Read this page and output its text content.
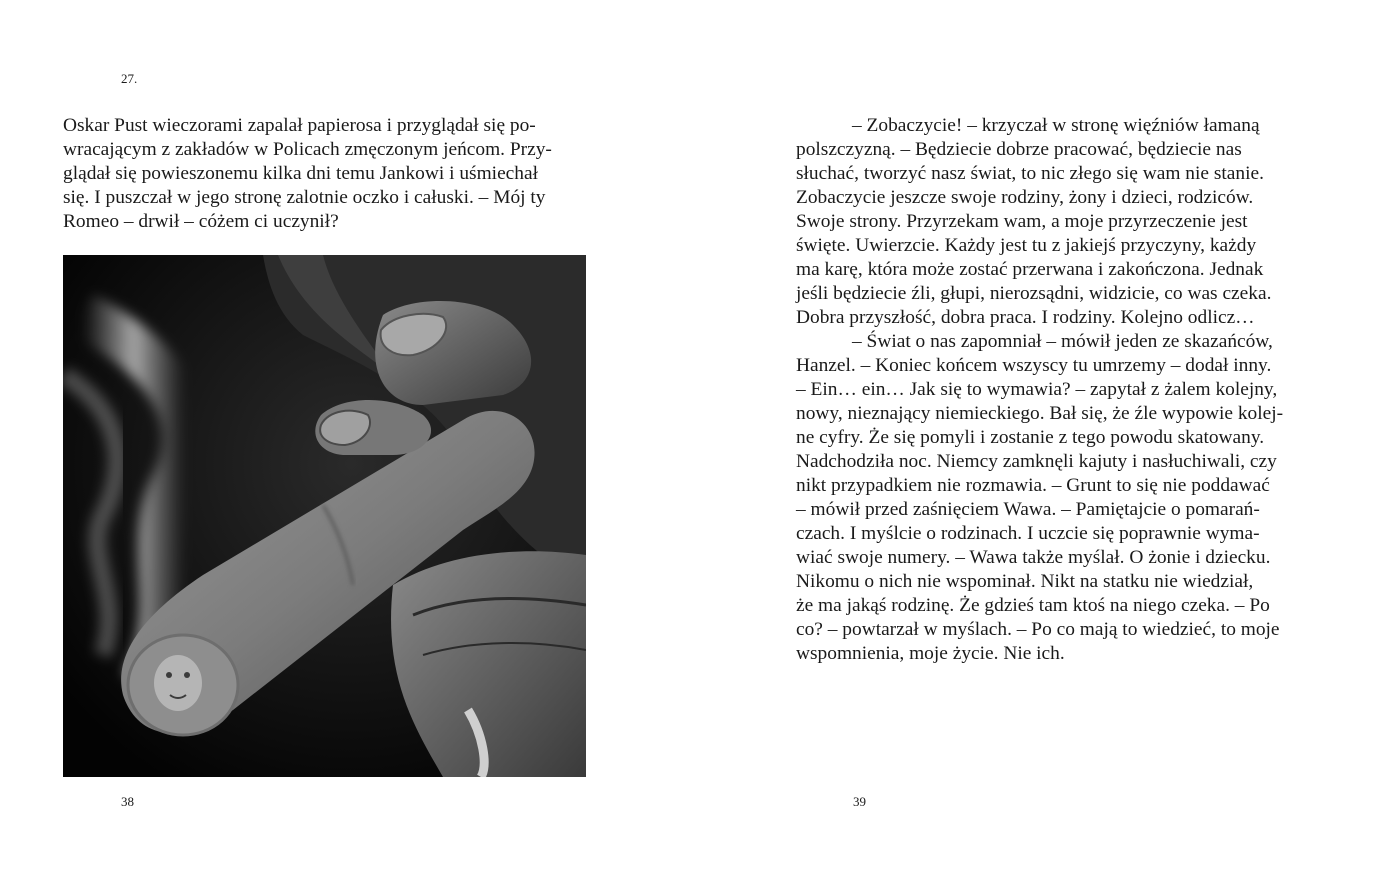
27.

Oskar Pust wieczorami zapalał papierosa i przyglądał się po-
wracającym z zakładów w Policach zmęczonym jeńcom. Przy-
glądał się powieszonemu kilka dni temu Jankowi i uśmiechał
się. I puszczał w jego stronę zalotnie oczko i całuski. – Mój ty
Romeo – drwił – cóżem ci uczynił?

38

– Zobaczycie! – krzyczał w stronę więźniów łamaną
polszczyzną. – Będziecie dobrze pracować, będziecie nas
słuchać, tworzyć nasz świat, to nic złego się wam nie stanie.
Zobaczycie jeszcze swoje rodziny, żony i dzieci, rodziców.
Swoje strony. Przyrzekam wam, a moje przyrzeczenie jest
święte. Uwierzcie. Każdy jest tu z jakiejś przyczyny, każdy
ma karę, która może zostać przerwana i zakończona. Jednak
jeśli będziecie źli, głupi, nierozsądni, widzicie, co was czeka.
Dobra przyszłość, dobra praca. I rodziny. Kolejno odlicz…

– Świat o nas zapomniał – mówił jeden ze skazańców,
Hanzel. – Koniec końcem wszyscy tu umrzemy – dodał inny.
– Ein… ein… Jak się to wymawia? – zapytał z żalem kolejny,
nowy, nieznający niemieckiego. Bał się, że źle wypowie kolej-
ne cyfry. Że się pomyli i zostanie z tego powodu skatowany.
Nadchodziła noc. Niemcy zamknęli kajuty i nasłuchiwali, czy
nikt przypadkiem nie rozmawia. – Grunt to się nie poddawać
– mówił przed zaśnięciem Wawa. – Pamiętajcie o pomarań-
czach. I myślcie o rodzinach. I uczcie się poprawnie wyma-
wiać swoje numery. – Wawa także myślał. O żonie i dziecku.
Nikomu o nich nie wspominał. Nikt na statku nie wiedział,
że ma jakąś rodzinę. Że gdzieś tam ktoś na niego czeka. – Po
co? – powtarzał w myślach. – Po co mają to wiedzieć, to moje
wspomnienia, moje życie. Nie ich.

39
